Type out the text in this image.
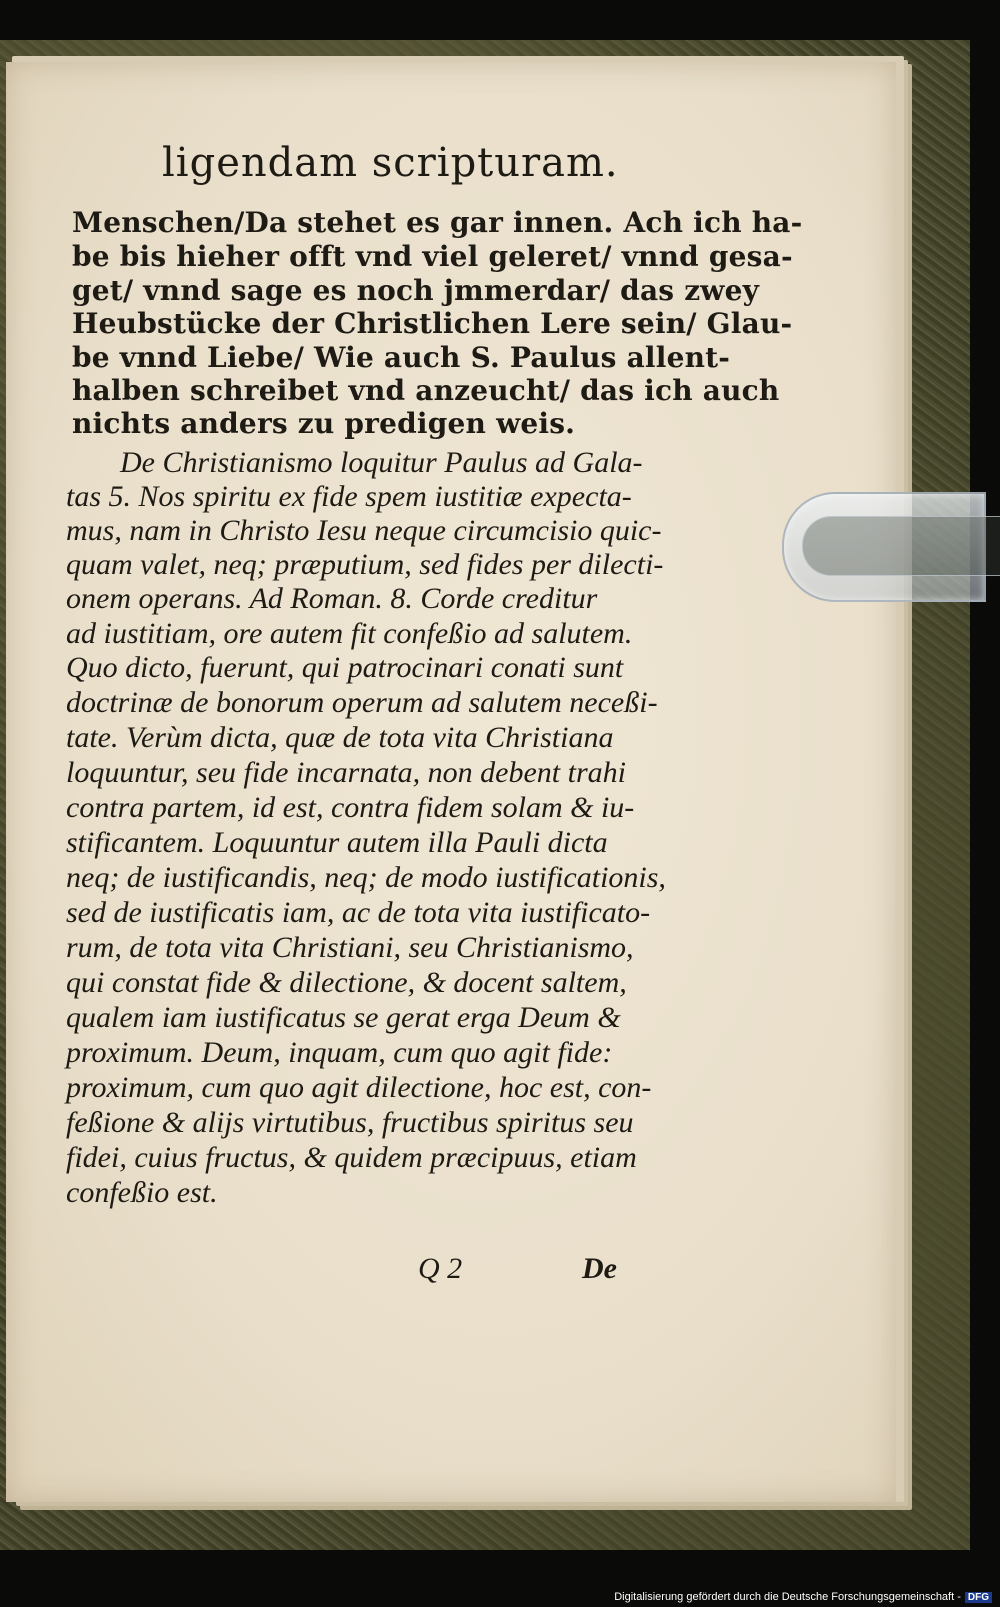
ligendam scripturam.
Menschen/Da stehet es gar innen. Ach ich ha-
be bis hieher offt vnd viel geleret/ vnnd gesa-
get/ vnnd sage es noch jmmerdar/ das zwey
Heubstücke der Christlichen Lere sein/ Glau-
be vnnd Liebe/ Wie auch S. Paulus allent-
halben schreibet vnd anzeucht/ das ich auch
nichts anders zu predigen weis.
De Christianismo loquitur Paulus ad Gala-
tas 5. Nos spiritu ex fide spem iustitiæ expecta-
mus, nam in Christo Iesu neque circumcisio quic-
quam valet, neq; præputium, sed fides per dilecti-
onem operans. Ad Roman. 8. Corde creditur
ad iustitiam, ore autem fit confeßio ad salutem.
Quo dicto, fuerunt, qui patrocinari conati sunt
doctrinæ de bonorum operum ad salutem neceßi-
tate. Verùm dicta, quæ de tota vita Christiana
loquuntur, seu fide incarnata, non debent trahi
contra partem, id est, contra fidem solam & iu-
stificantem. Loquuntur autem illa Pauli dicta
neq; de iustificandis, neq; de modo iustificationis,
sed de iustificatis iam, ac de tota vita iustificato-
rum, de tota vita Christiani, seu Christianismo,
qui constat fide & dilectione, & docent saltem,
qualem iam iustificatus se gerat erga Deum &
proximum. Deum, inquam, cum quo agit fide:
proximum, cum quo agit dilectione, hoc est, con-
feßione & alijs virtutibus, fructibus spiritus seu
fidei, cuius fructus, & quidem præcipuus, etiam
confeßio est.
Q 2	De
Digitalisierung gefördert durch die Deutsche Forschungsgemeinschaft - DFG
